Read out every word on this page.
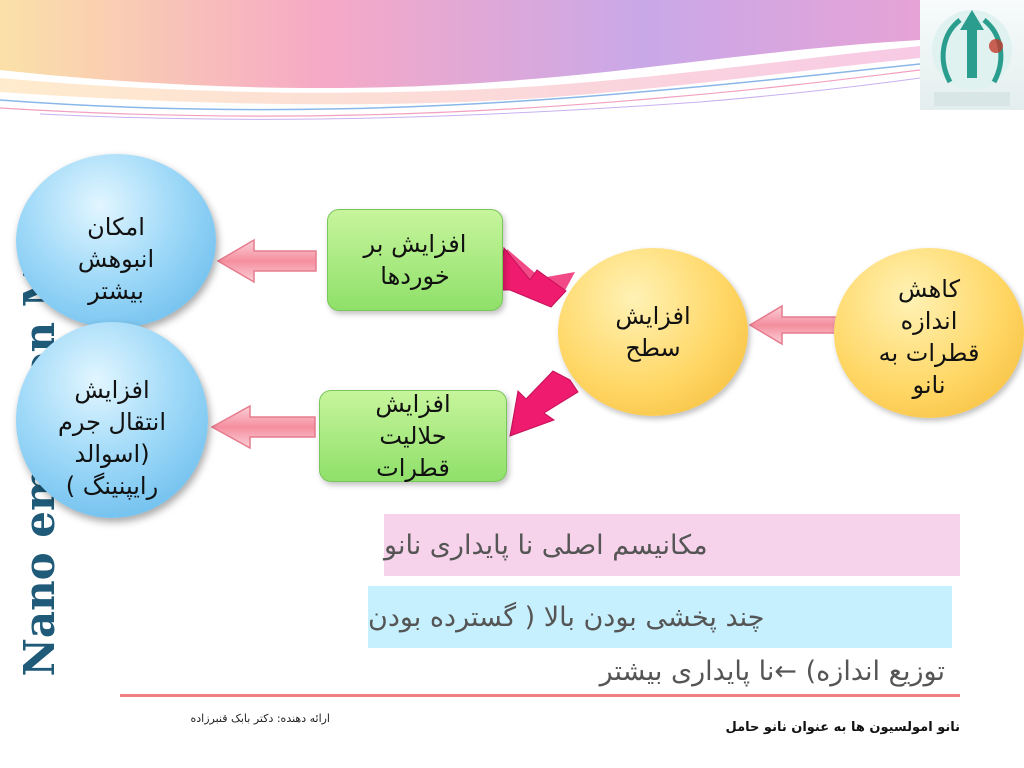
امکان انبوهش بیشتر
افزایش انتقال جرم (اسوالد رایپنینگ )
افزایش بر خوردها
افزایش حلالیت قطرات
افزایش سطح
کاهش اندازه قطرات به نانو
مکانیسم اصلی نا پایداری نانو
چند پخشی بودن بالا ( گسترده بودن
توزیع اندازه) ←نا پایداری بیشتر
ارائه دهنده: دکتر بابک قنبرزاده
نانو امولسیون ها به عنوان نانو حامل
